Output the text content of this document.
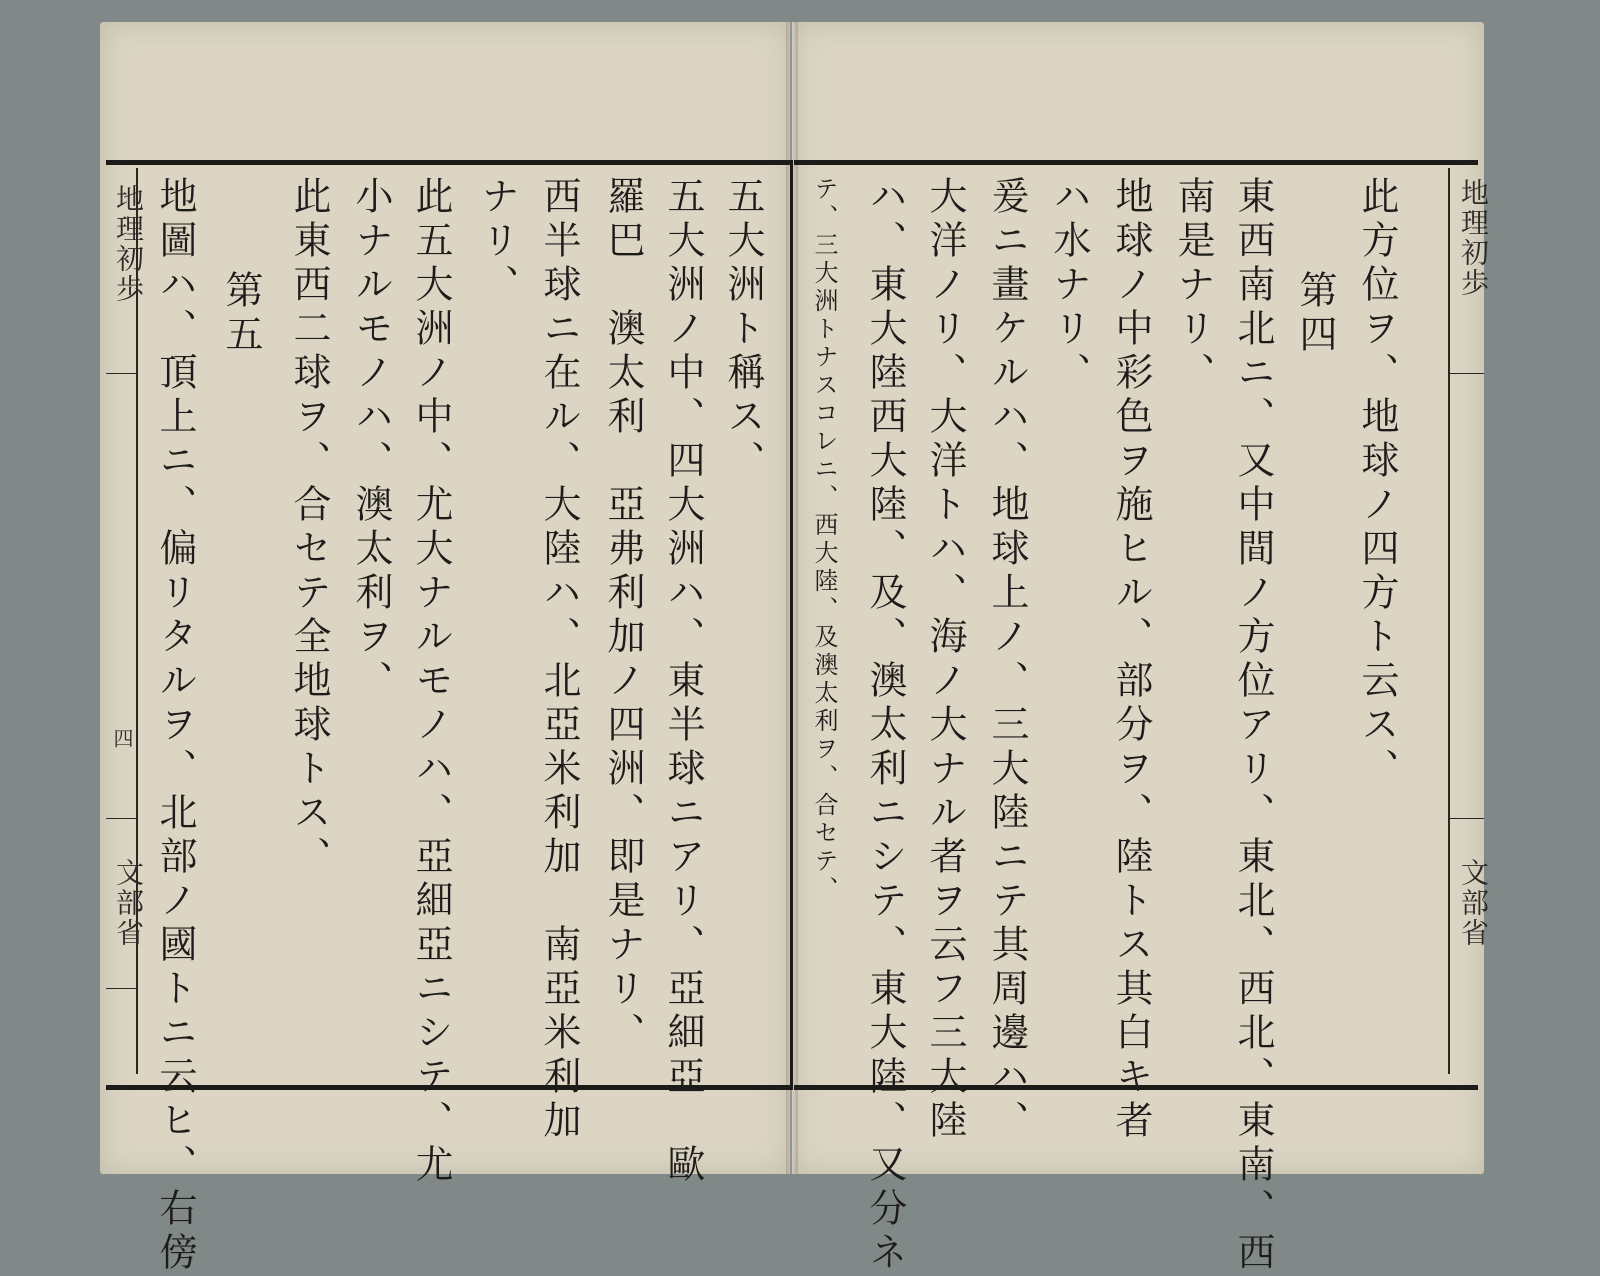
地理初歩
四
文部省
地理初歩
文部省
五大洲ト稱ス、
五大洲ノ中、四大洲ハ、東半球ニアリ、亞細亞　歐
羅巴　澳太利　亞弗利加ノ四洲、即是ナリ、
西半球ニ在ル、大陸ハ、北亞米利加　南亞米利加
ナリ、
此五大洲ノ中、尤大ナルモノハ、亞細亞ニシテ、尤
小ナルモノハ、澳太利ヲ、
此東西二球ヲ、合セテ全地球トス、
第五
地圖ハ、頂上ニ、偏リタルヲ、北部ノ國トニ云ヒ、右傍	此方位ヲ、地球ノ四方ト云ス、
第四
東西南北ニ、又中間ノ方位アリ、東北、西北、東南、西
南是ナリ、
地球ノ中彩色ヲ施ヒル、部分ヲ、陸トス其白キ者
ハ水ナリ、
爰ニ畫ケルハ、地球上ノ、三大陸ニテ其周邊ハ、
大洋ノリ、大洋トハ、海ノ大ナル者ヲ云フ三大陸
ハ、東大陸西大陸、及、澳太利ニシテ、東大陸、又分ネ
テ、三大洲トナスコレニ、西大陸、及澳太利ヲ、合セテ、
